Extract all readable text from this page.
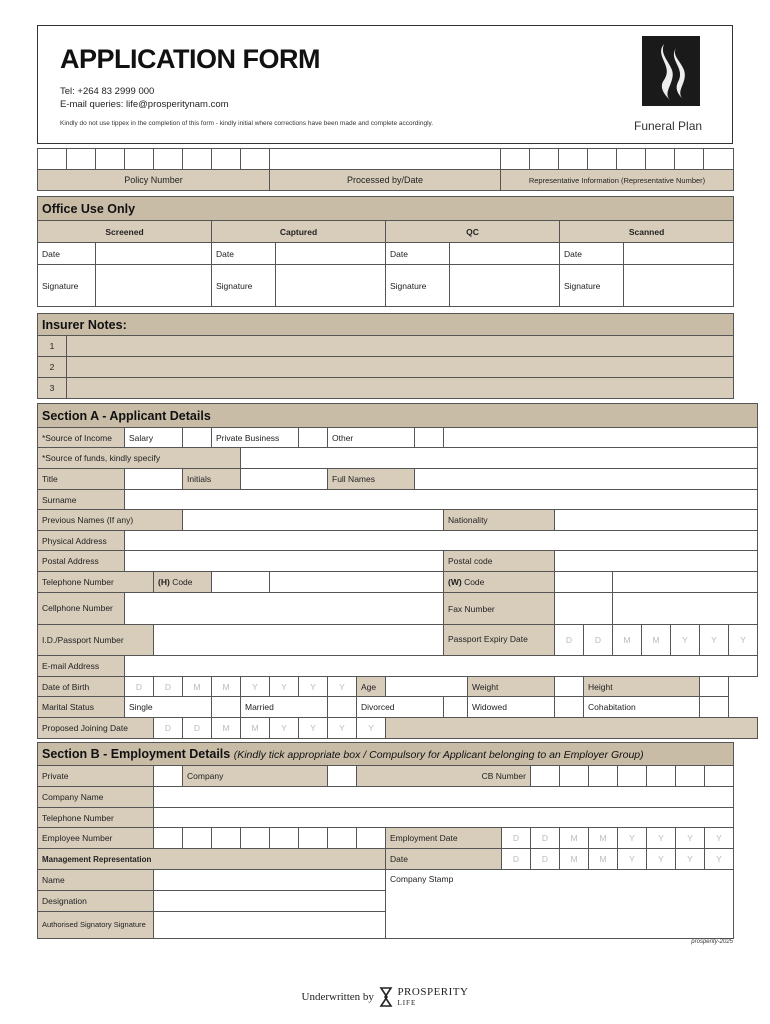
APPLICATION FORM
Tel: +264 83 2999 000
E-mail queries: life@prosperitynam.com
Kindly do not use tippex in the completion of this form - kindly initial where corrections have been made and complete accordingly.	Funeral Plan

Policy Number								Processed by/Date	Representative Information (Representative Number)							
Office Use Only							
Screened		Captured		QC		Scanned	
Date		Date		Date		Date	
Signature		Signature		Signature		Signature	
Insurer Notes:	
1	
2	
3	
Section A - Applicant Details																				
*Source of Income	Salary			Private Business				Other												
*Source of funds, kindly specify																				
Title			Initials					Full Names												
Surname																				
Previous Names (If any)												Nationality								
Physical Address																				
Postal Address												Postal code								
Telephone Number		(H) Code										(W) Code								
Cellphone Number												Fax Number								
I.D./Passport Number												Passport Expiry Date		D	D	M	M	Y	Y	Y
E-mail Address																				
Date of Birth	D	D	M	M	Y	Y	Y	Y	Age				Weight		Height					
Marital Status	Single				Married				Divorced				Widowed		Cohabitation					
Proposed Joining Date		D	D	M	M	Y	Y	Y	Y											
Section B - Employment Details (Kindly tick appropriate box / Compulsory for Applicant belonging to an Employer Group)																	
Private		Company						CB Number									
Company Name																	
Telephone Number																	
Employee Number									Employment Date	D	D	M	M	Y	Y	Y	Y
Management Representation									Date	D	D	M	M	Y	Y	Y	Y
Name									Company Stamp								
Designation																	
Authorised Signatory Signature																	
prosperity-2025
Underwritten by PROSPERITY
LIFE
